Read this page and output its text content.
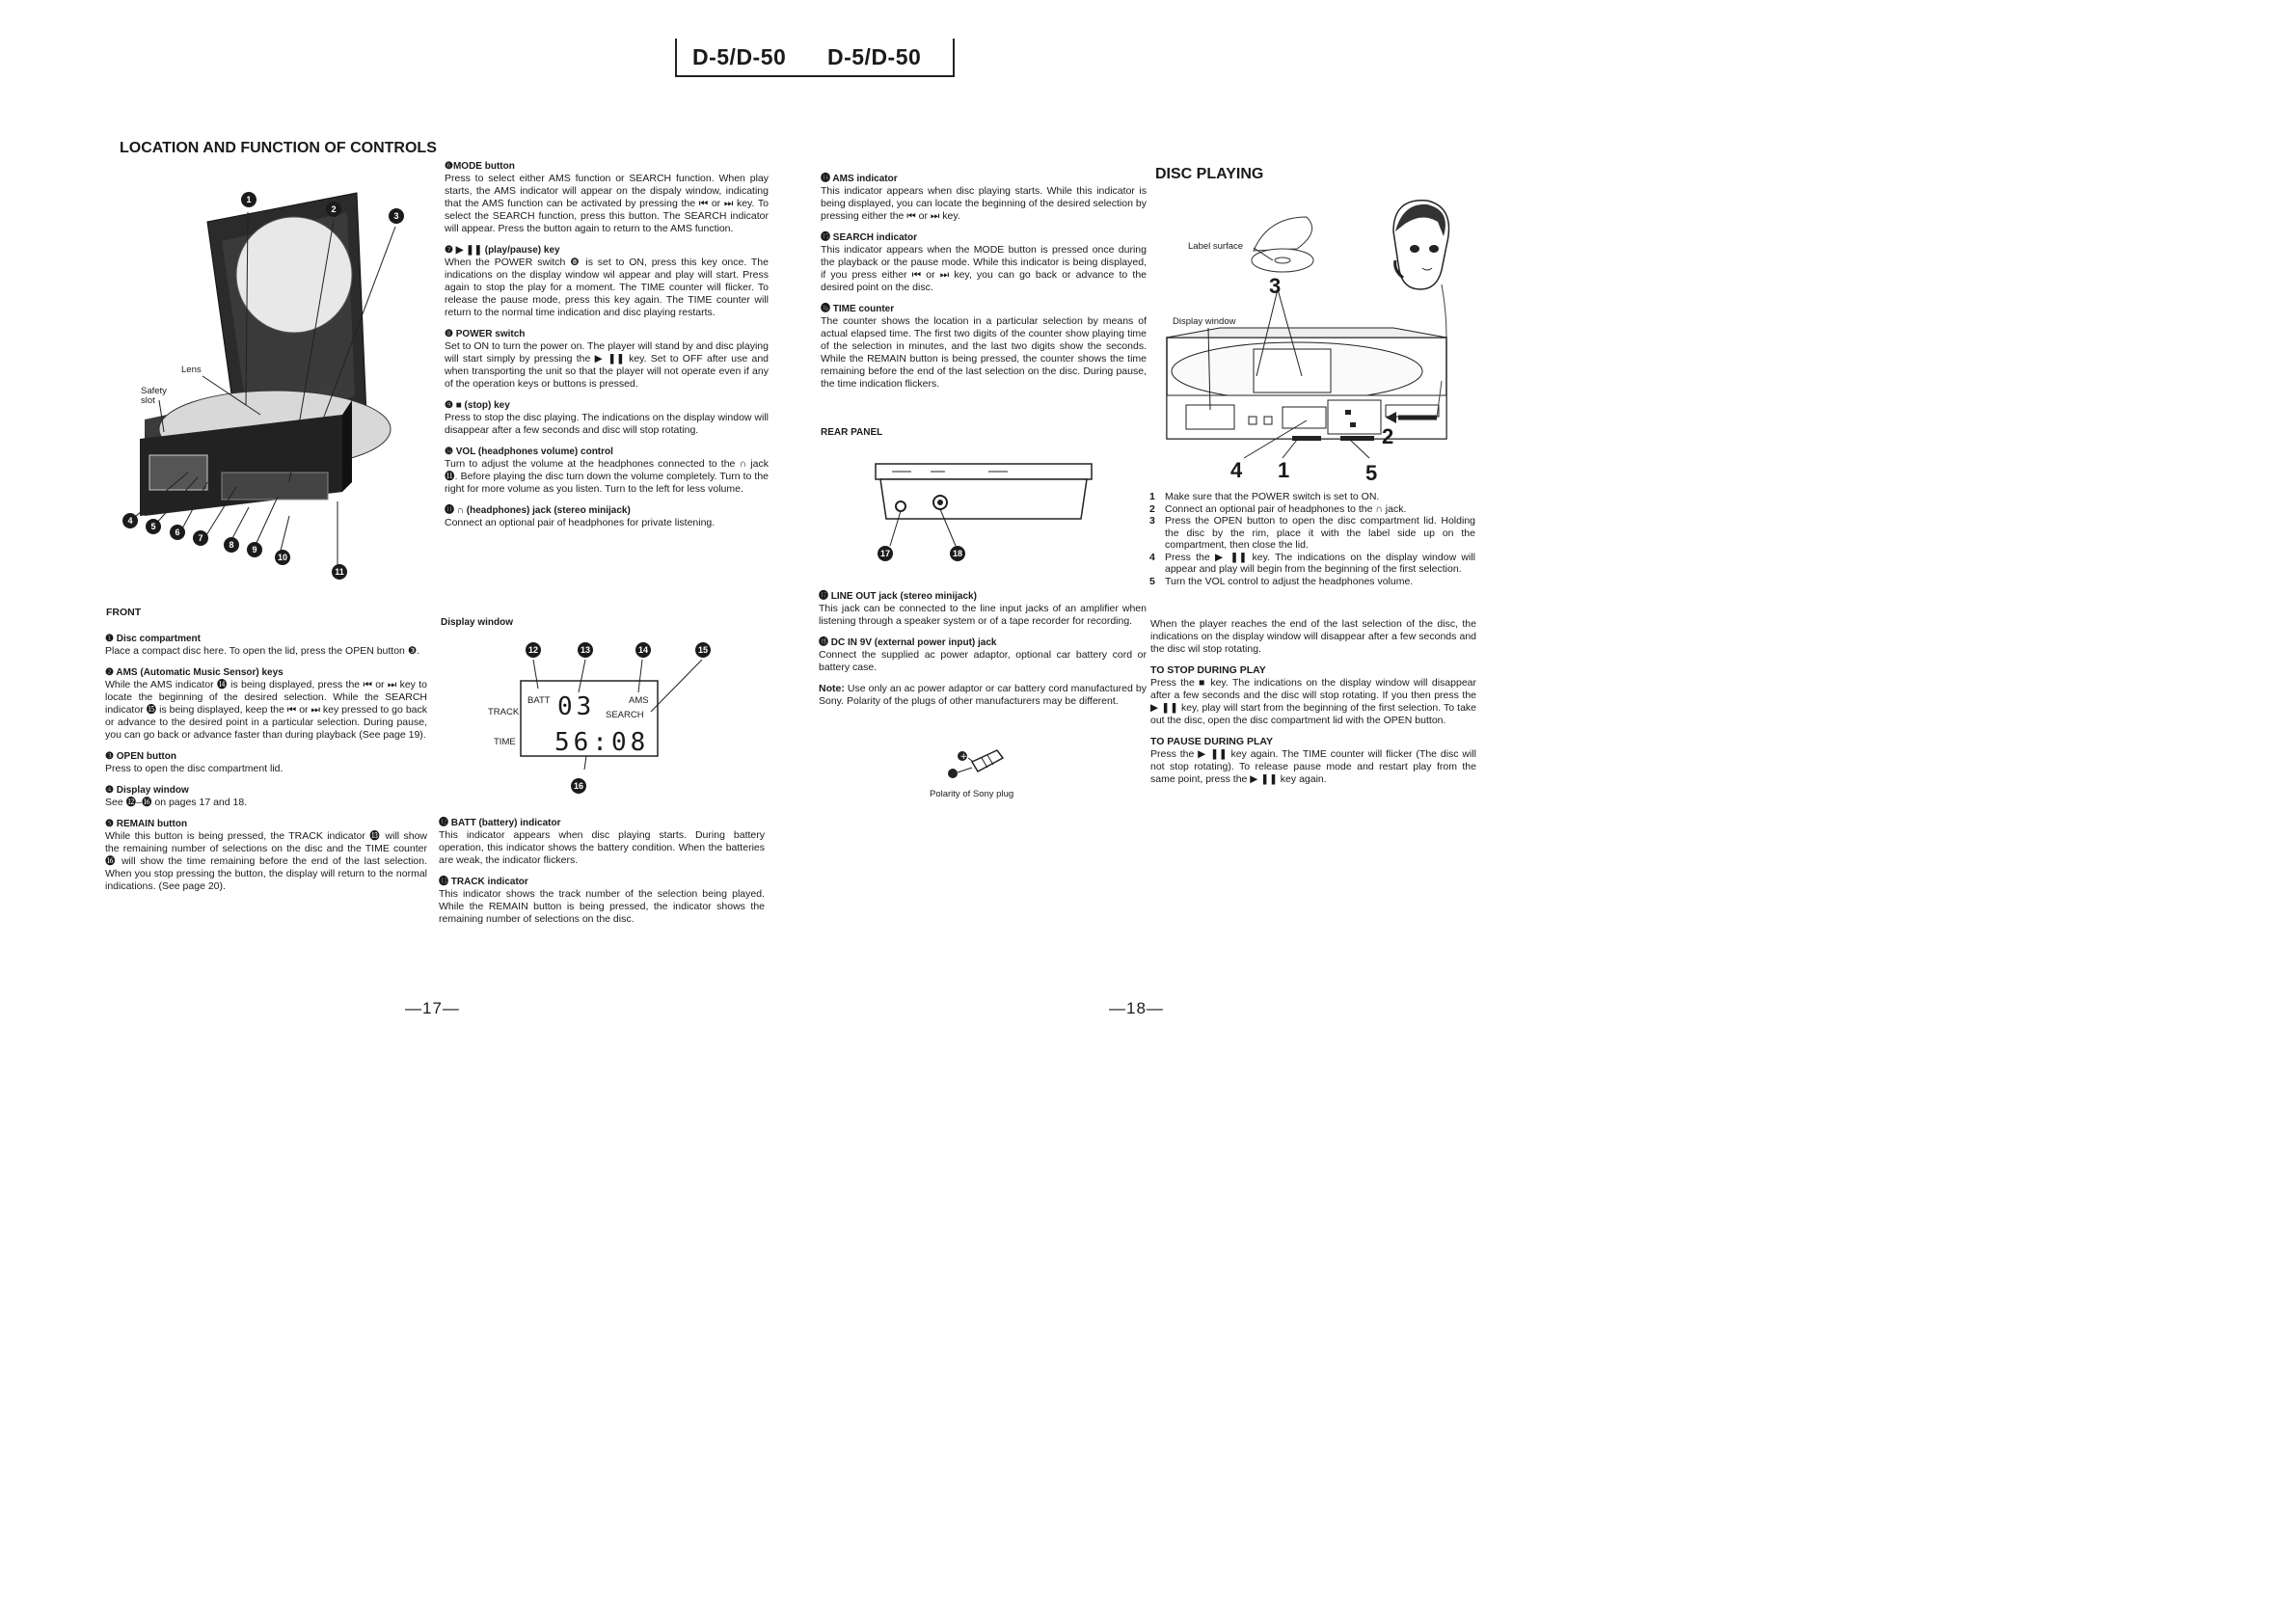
D-5/D-50 D-5/D-50
LOCATION AND FUNCTION OF CONTROLS
Lens
Safety
slot
1
2
3
4
5
6
7
8	9
10
11
FRONT
❶ Disc compartment
Place a compact disc here. To open the lid, press the OPEN button ❸.
❷ AMS (Automatic Music Sensor) keys
While the AMS indicator ⓮ is being displayed, press the ⏮ or ⏭ key to locate the beginning of the desired selection. While the SEARCH indicator ⓯ is being displayed, keep the ⏮ or ⏭ key pressed to go back or advance to the desired point in a particular selection. During pause, you can go back or advance faster than during playback (See page 19).
❸ OPEN button
Press to open the disc compartment lid.
❹ Display window
See ⓬–⓰ on pages 17 and 18.
❺ REMAIN button
While this button is being pressed, the TRACK indicator ⓭ will show the remaining number of selections on the disc and the TIME counter ⓰ will show the time remaining before the end of the last selection. When you stop pressing the button, the display will return to the normal indications. (See page 20).
❻MODE button
Press to select either AMS function or SEARCH function. When play starts, the AMS indicator will appear on the dispaly window, indicating that the AMS function can be activated by pressing the ⏮ or ⏭ key. To select the SEARCH function, press this button. The SEARCH indicator will appear. Press the button again to return to the AMS function.
❼ ▶ ❚❚ (play/pause) key
When the POWER switch ❽ is set to ON, press this key once. The indications on the display window wil appear and play will start. Press again to stop the play for a moment. The TIME counter will flicker. To release the pause mode, press this key again. The TIME counter will return to the normal time indication and disc playing restarts.
❽ POWER switch
Set to ON to turn the power on. The player will stand by and disc playing will start simply by pressing the ▶ ❚❚ key. Set to OFF after use and when transporting the unit so that the player will not operate even if any of the operation keys or buttons is pressed.
❾ ■ (stop) key
Press to stop the disc playing. The indications on the display window will disappear after a few seconds and disc will stop rotating.
❿ VOL (headphones volume) control
Turn to adjust the volume at the headphones connected to the ∩ jack ⓫. Before playing the disc turn down the volume completely. Turn to the right for more volume as you listen. Turn to the left for less volume.
⓫ ∩ (headphones) jack (stereo minijack)
Connect an optional pair of headphones for private listening.
Display window
12	13	14	15
BATT
TRACK
TIME
AMS
SEARCH
03
56:08
16
⓬ BATT (battery) indicator
This indicator appears when disc playing starts. During battery operation, this indicator shows the battery condition. When the batteries are weak, the indicator flickers.
⓭ TRACK indicator
This indicator shows the track number of the selection being played. While the REMAIN button is being pressed, the indicator shows the remaining number of selections on the disc.
—17—
⓮ AMS indicator
This indicator appears when disc playing starts. While this indicator is being displayed, you can locate the beginning of the desired selection by pressing either the ⏮ or ⏭ key.
⓯ SEARCH indicator
This indicator appears when the MODE button is pressed once during the playback or the pause mode. While this indicator is being displayed, if you press either ⏮ or ⏭ key, you can go back or advance to the desired point on the disc.
⓰ TIME counter
The counter shows the location in a particular selection by means of actual elapsed time. The first two digits of the counter show playing time of the selection in minutes, and the last two digits show the seconds. While the REMAIN button is being pressed, the counter shows the time remaining before the end of the last selection on the disc. During pause, the time indication flickers.
REAR PANEL
17	18
⓱ LINE OUT jack (stereo minijack)
This jack can be connected to the line input jacks of an amplifier when listening through a speaker system or of a tape recorder for recording.
⓲ DC IN 9V (external power input) jack
Connect the supplied ac power adaptor, optional car battery cord or battery case.
Note: Use only an ac power adaptor or car battery cord manufactured by Sony. Polarity of the plugs of other manufacturers may be different.
+
Polarity of Sony plug
DISC PLAYING
Label surface
Display window
3
4 1	5
2
1 Make sure that the POWER switch is set to ON.
2 Connect an optional pair of headphones to the ∩ jack.
3 Press the OPEN button to open the disc compartment lid. Holding the disc by the rim, place it with the label side up on the compartment, then close the lid.
4 Press the ▶ ❚❚ key. The indications on the display window will appear and play will begin from the beginning of the first selection.
5 Turn the VOL control to adjust the headphones volume.
When the player reaches the end of the last selection of the disc, the indications on the display window will disappear after a few seconds and the disc wil stop rotating.
TO STOP DURING PLAY
Press the ■ key. The indications on the display window will disappear after a few seconds and the disc will stop rotating. If you then press the ▶ ❚❚ key, play will start from the beginning of the first selection. To take out the disc, open the disc compartment lid with the OPEN button.
TO PAUSE DURING PLAY
Press the ▶ ❚❚ key again. The TIME counter will flicker (The disc will not stop rotating). To release pause mode and restart play from the same point, press the ▶ ❚❚ key again.
—18—
